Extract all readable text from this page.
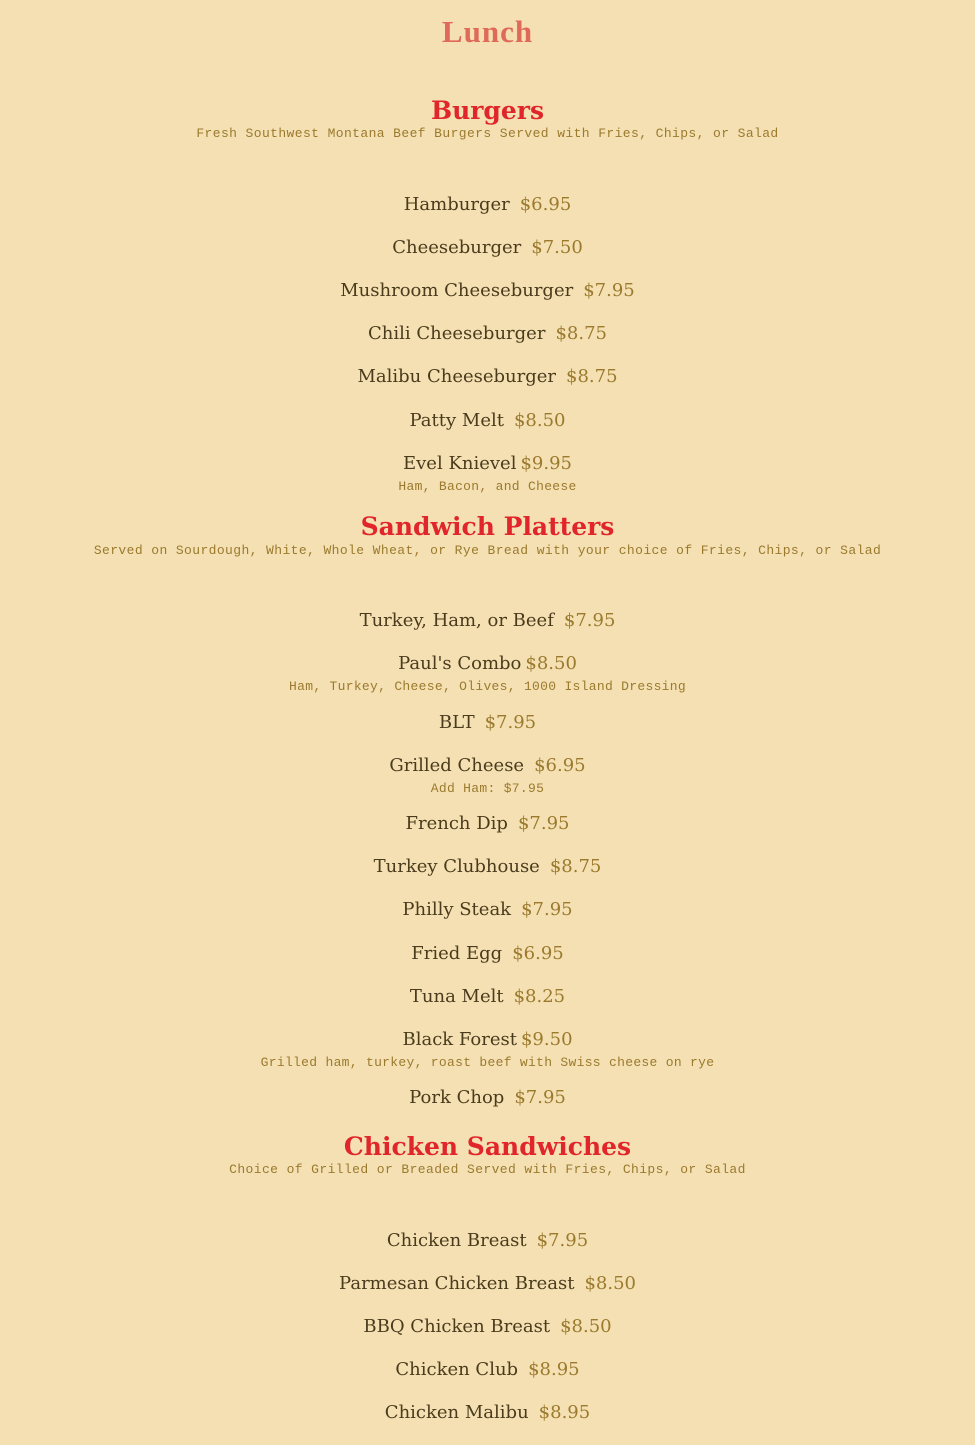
Lunch
Burgers
Fresh Southwest Montana Beef Burgers Served with Fries, Chips, or Salad
Hamburger $6.95
Cheeseburger $7.50
Mushroom Cheeseburger $7.95
Chili Cheeseburger $8.75
Malibu Cheeseburger $8.75
Patty Melt $8.50
Evel Knievel $9.95
Ham, Bacon, and Cheese
Sandwich Platters
Served on Sourdough, White, Whole Wheat, or Rye Bread with your choice of Fries, Chips, or Salad
Turkey, Ham, or Beef $7.95
Paul's Combo $8.50
Ham, Turkey, Cheese, Olives, 1000 Island Dressing
BLT $7.95
Grilled Cheese $6.95
Add Ham: $7.95
French Dip $7.95
Turkey Clubhouse $8.75
Philly Steak $7.95
Fried Egg $6.95
Tuna Melt $8.25
Black Forest $9.50
Grilled ham, turkey, roast beef with Swiss cheese on rye
Pork Chop $7.95
Chicken Sandwiches
Choice of Grilled or Breaded Served with Fries, Chips, or Salad
Chicken Breast $7.95
Parmesan Chicken Breast $8.50
BBQ Chicken Breast $8.50
Chicken Club $8.95
Chicken Malibu $8.95
